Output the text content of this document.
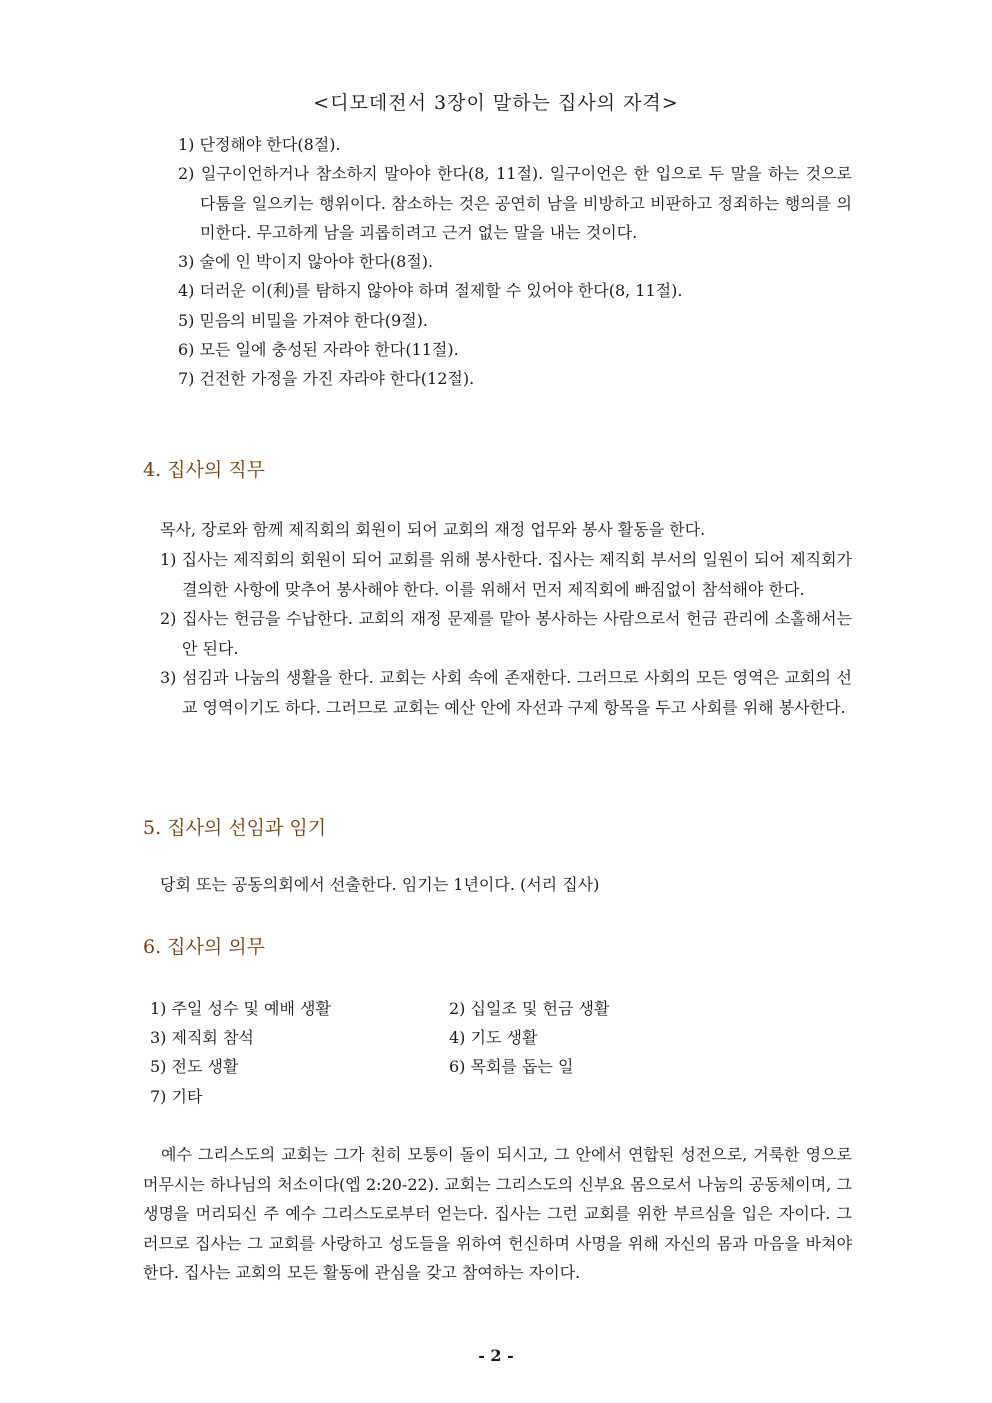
<디모데전서 3장이 말하는 집사의 자격>
1) 단정해야 한다(8절).
2) 일구이언하거나 참소하지 말아야 한다(8, 11절). 일구이언은 한 입으로 두 말을 하는 것으로 다툼을 일으키는 행위이다. 참소하는 것은 공연히 남을 비방하고 비판하고 정죄하는 행의를 의미한다. 무고하게 남을 괴롭히려고 근거 없는 말을 내는 것이다.
3) 술에 인 박이지 않아야 한다(8절).
4) 더러운 이(利)를 탐하지 않아야 하며 절제할 수 있어야 한다(8, 11절).
5) 믿음의 비밀을 가져야 한다(9절).
6) 모든 일에 충성된 자라야 한다(11절).
7) 건전한 가정을 가진 자라야 한다(12절).
4. 집사의 직무
목사, 장로와 함께 제직회의 회원이 되어 교회의 재정 업무와 봉사 활동을 한다.
1) 집사는 제직회의 회원이 되어 교회를 위해 봉사한다. 집사는 제직회 부서의 일원이 되어 제직회가 결의한 사항에 맞추어 봉사해야 한다. 이를 위해서 먼저 제직회에 빠짐없이 참석해야 한다.
2) 집사는 헌금을 수납한다. 교회의 재정 문제를 맡아 봉사하는 사람으로서 헌금 관리에 소홀해서는 안 된다.
3) 섬김과 나눔의 생활을 한다. 교회는 사회 속에 존재한다. 그러므로 사회의 모든 영역은 교회의 선교 영역이기도 하다. 그러므로 교회는 예산 안에 자선과 구제 항목을 두고 사회를 위해 봉사한다.
5. 집사의 선임과 임기
당회 또는 공동의회에서 선출한다. 임기는 1년이다. (서리 집사)
6. 집사의 의무
1) 주일 성수 및 예배 생활	2) 십일조 및 헌금 생활
3) 제직회 참석	4) 기도 생활
5) 전도 생활	6) 목회를 돕는 일
7) 기타
예수 그리스도의 교회는 그가 친히 모퉁이 돌이 되시고, 그 안에서 연합된 성전으로, 거룩한 영으로 머무시는 하나님의 처소이다(엡 2:20-22). 교회는 그리스도의 신부요 몸으로서 나눔의 공동체이며, 그 생명을 머리되신 주 예수 그리스도로부터 얻는다. 집사는 그런 교회를 위한 부르심을 입은 자이다. 그러므로 집사는 그 교회를 사랑하고 성도들을 위하여 헌신하며 사명을 위해 자신의 몸과 마음을 바쳐야 한다. 집사는 교회의 모든 활동에 관심을 갖고 참여하는 자이다.
- 2 -
